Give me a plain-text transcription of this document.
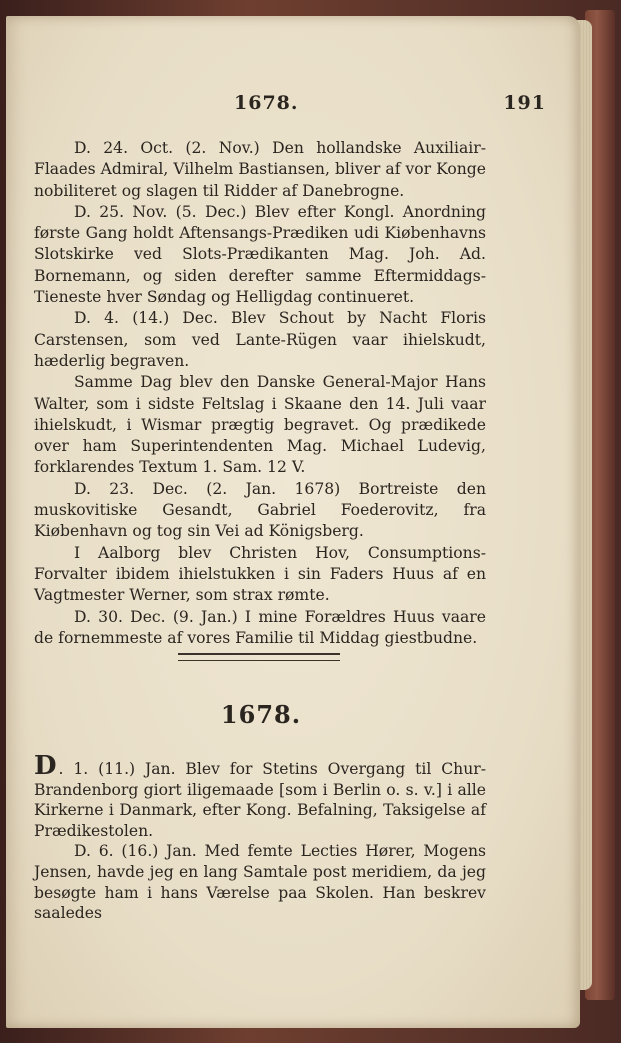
1678.	191

D. 24. Oct. (2. Nov.) Den hollandske Auxiliair-Flaades Admiral, Vilhelm Bastiansen, bliver af vor Konge nobiliteret og slagen til Ridder af Danebrogne.

D. 25. Nov. (5. Dec.) Blev efter Kongl. Anordning første Gang holdt Aftensangs-Prædiken udi Kiøbenhavns Slotskirke ved Slots-Prædikanten Mag. Joh. Ad. Bornemann, og siden derefter samme Eftermiddags-Tieneste hver Søndag og Helligdag continueret.

D. 4. (14.) Dec. Blev Schout by Nacht Floris Carstensen, som ved Lante-Rügen vaar ihielskudt, hæderlig begraven.

Samme Dag blev den Danske General-Major Hans Walter, som i sidste Feltslag i Skaane den 14. Juli vaar ihielskudt, i Wismar prægtig begravet. Og prædikede over ham Superintendenten Mag. Michael Ludevig, forklarendes Textum 1. Sam. 12 V.

D. 23. Dec. (2. Jan. 1678) Bortreiste den muskovitiske Gesandt, Gabriel Foederovitz, fra Kiøbenhavn og tog sin Vei ad Königsberg.

I Aalborg blev Christen Hov, Consumptions-Forvalter ibidem ihielstukken i sin Faders Huus af en Vagtmester Werner, som strax rømte.

D. 30. Dec. (9. Jan.) I mine Forældres Huus vaare de fornemmeste af vores Familie til Middag giestbudne.

1678.

D . 1. (11.) Jan. Blev for Stetins Overgang til Chur-Brandenborg giort iligemaade [som i Berlin o. s. v.] i alle Kirkerne i Danmark, efter Kong. Befalning, Taksigelse af Prædikestolen.

D. 6. (16.) Jan. Med femte Lecties Hører, Mogens Jensen, havde jeg en lang Samtale post meridiem, da jeg besøgte ham i hans Værelse paa Skolen. Han beskrev saaledes
